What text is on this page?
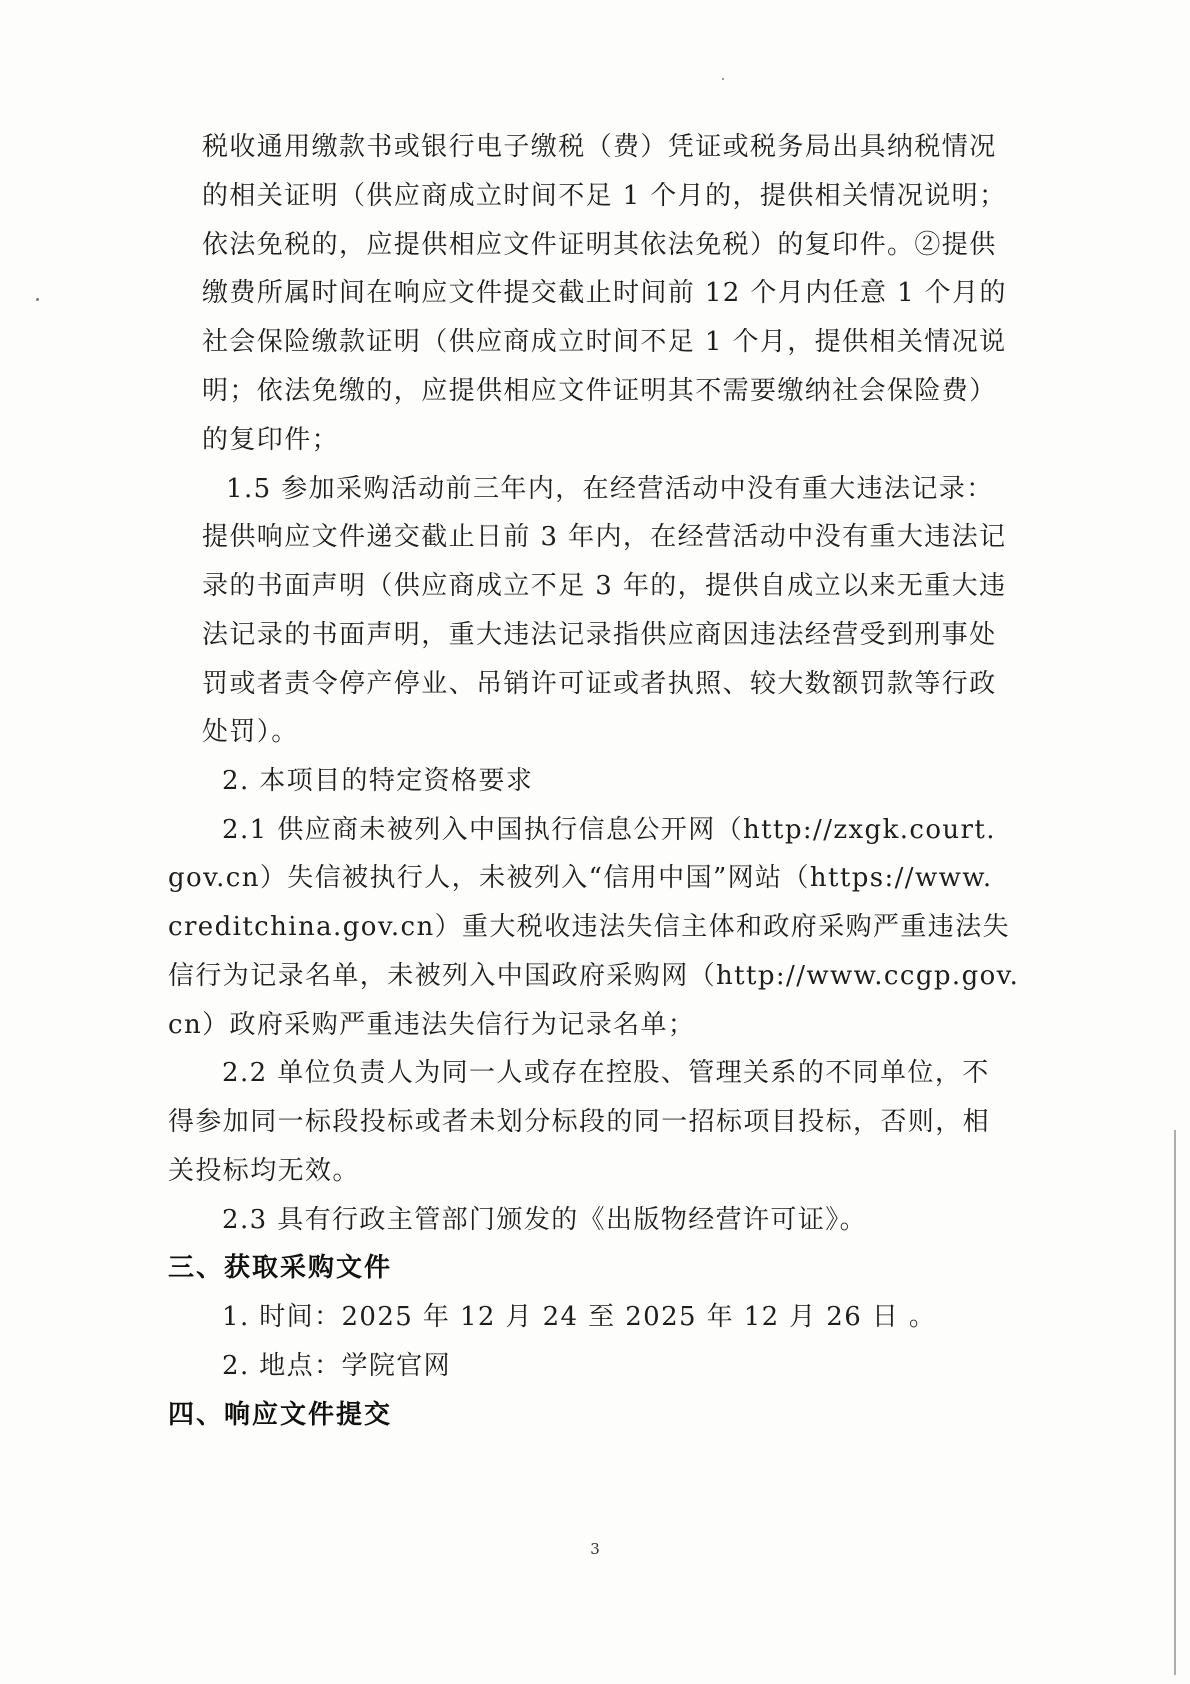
税收通用缴款书或银行电子缴税（费）凭证或税务局出具纳税情况
的相关证明（供应商成立时间不足 1 个月的，提供相关情况说明；
依法免税的，应提供相应文件证明其依法免税）的复印件。②提供
缴费所属时间在响应文件提交截止时间前 12 个月内任意 1 个月的
社会保险缴款证明（供应商成立时间不足 1 个月，提供相关情况说
明；依法免缴的，应提供相应文件证明其不需要缴纳社会保险费）
的复印件；
1.5 参加采购活动前三年内，在经营活动中没有重大违法记录：
提供响应文件递交截止日前 3 年内，在经营活动中没有重大违法记
录的书面声明（供应商成立不足 3 年的，提供自成立以来无重大违
法记录的书面声明，重大违法记录指供应商因违法经营受到刑事处
罚或者责令停产停业、吊销许可证或者执照、较大数额罚款等行政
处罚）。
2. 本项目的特定资格要求
2.1 供应商未被列入中国执行信息公开网（http://zxgk.court.
gov.cn）失信被执行人，未被列入“信用中国”网站（https://www.
creditchina.gov.cn）重大税收违法失信主体和政府采购严重违法失
信行为记录名单，未被列入中国政府采购网（http://www.ccgp.gov.
cn）政府采购严重违法失信行为记录名单；
2.2 单位负责人为同一人或存在控股、管理关系的不同单位，不
得参加同一标段投标或者未划分标段的同一招标项目投标，否则，相
关投标均无效。
2.3 具有行政主管部门颁发的《出版物经营许可证》。
三、获取采购文件
1. 时间：2025 年 12 月 24 至 2025 年 12 月 26 日 。
2. 地点：学院官网
四、响应文件提交
3
